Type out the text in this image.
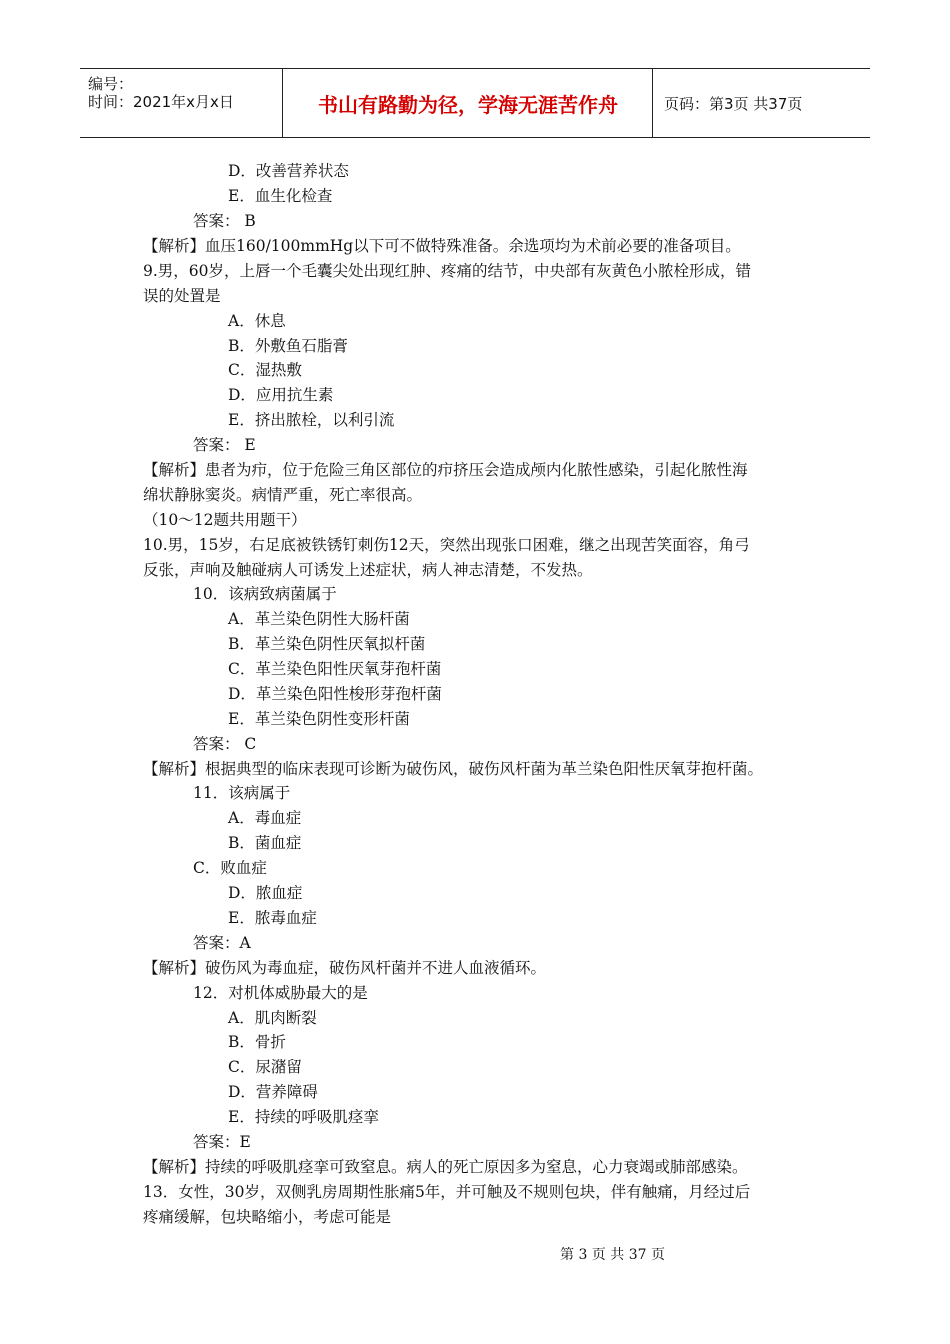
编号：
时间：2021年x月x日	书山有路勤为径，学海无涯苦作舟	页码：第3页 共37页
D．改善营养状态
E．血生化检查
答案： B
【解析】血压160/100mmHg以下可不做特殊准备。余选项均为术前必要的准备项目。
9.男，60岁，上唇一个毛囊尖处出现红肿、疼痛的结节，中央部有灰黄色小脓栓形成，错
误的处置是
A．休息
B．外敷鱼石脂膏
C．湿热敷
D．应用抗生素
E．挤出脓栓，以利引流
答案： E
【解析】患者为疖，位于危险三角区部位的疖挤压会造成颅内化脓性感染，引起化脓性海
绵状静脉窦炎。病情严重，死亡率很高。
（10～12题共用题干）
10.男，15岁，右足底被铁锈钉刺伤12天，突然出现张口困难，继之出现苦笑面容，角弓
反张，声响及触碰病人可诱发上述症状，病人神志清楚，不发热。
10．该病致病菌属于
A．革兰染色阴性大肠杆菌
B．革兰染色阴性厌氧拟杆菌
C．革兰染色阳性厌氧芽孢杆菌
D．革兰染色阳性梭形芽孢杆菌
E．革兰染色阴性变形杆菌
答案： C
【解析】根据典型的临床表现可诊断为破伤风，破伤风杆菌为革兰染色阳性厌氧芽抱杆菌。
11．该病属于
A．毒血症
B．菌血症
C．败血症
D．脓血症
E．脓毒血症
答案：A
【解析】破伤风为毒血症，破伤风杆菌并不进人血液循环。
12．对机体威胁最大的是
A．肌肉断裂
B．骨折
C．尿潴留
D．营养障碍
E．持续的呼吸肌痉挛
答案：E
【解析】持续的呼吸肌痉挛可致窒息。病人的死亡原因多为窒息，心力衰竭或肺部感染。
13．女性，30岁，双侧乳房周期性胀痛5年，并可触及不规则包块，伴有触痛，月经过后
疼痛缓解，包块略缩小，考虑可能是
第 3 页 共 37 页
